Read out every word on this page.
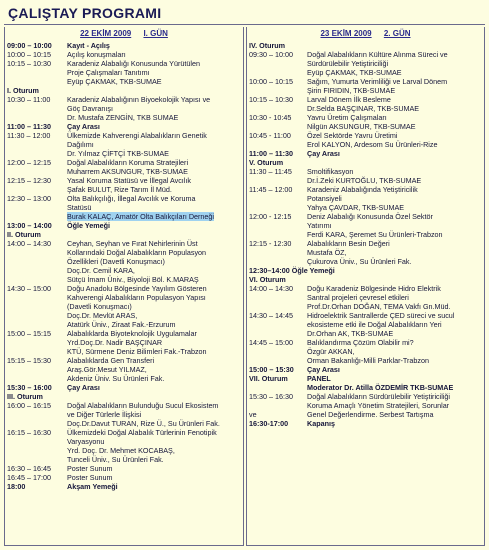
ÇALIŞTAY PROGRAMI
22 EKİM 2009 I. GÜN
09:00 – 10:00 Kayıt - Açılış
10:00 – 10:15 Açılış konuşmaları
10:15 – 10:30 Karadeniz Alabalığı Konusunda Yürütülen
Proje Çalışmaları Tanıtımı
Eyüp ÇAKMAK, TKB-SUMAE
I. Oturum
10:30 – 11:00 Karadeniz Alabalığının Biyoekolojik Yapısı ve
Göç Davranışı
Dr. Mustafa ZENGİN, TKB SUMAE
11:00 – 11:30 Çay Arası
11:30 – 12:00 Ülkemizde Kahverengi Alabalıkların Genetik
Dağılımı
Dr. Yılmaz ÇİFTÇİ TKB-SUMAE
12:00 – 12:15 Doğal Alabalıkların Koruma Stratejileri
Muharrem AKSUNGUR, TKB-SUMAE
12:15 – 12:30 Yasal Koruma Statüsü ve İllegal Avcılık
Şafak BULUT, Rize Tarım İl Müd.
12:30 – 13:00 Olta Balıkçılığı, İllegal Avcılık ve Koruma
Statüsü
Burak KALAÇ, Amatör Olta Balıkçıları Derneği
13:00 – 14:00 Öğle Yemeği
II. Oturum
14:00 – 14:30 Ceyhan, Seyhan ve Fırat Nehirlerinin Üst
Kollarındaki Doğal Alabalıkların Populasyon
Özellikleri (Davetli Konuşmacı)
Doç.Dr. Cemil KARA,
Sütçü İmam Üniv., Biyoloji Böl. K.MARAŞ
14:30 – 15:00 Doğu Anadolu Bölgesinde Yayılım Gösteren
Kahverengi Alabalıkların Populasyon Yapısı
(Davetli Konuşmacı)
Doç.Dr. Mevlüt ARAS,
Atatürk Üniv., Ziraat Fak.-Erzurum
15:00 – 15:15 Alabalıklarda Biyoteknolojik Uygulamalar
Yrd.Doç.Dr. Nadir BAŞÇINAR
KTÜ, Sürmene Deniz Bilimleri Fak.-Trabzon
15:15 – 15:30 Alabalıklarda Gen Transferi
Araş.Gör.Mesut YILMAZ,
Akdeniz Üniv. Su Ürünleri Fak.
15:30 – 16:00 Çay Arası
III. Oturum
16:00 – 16:15 Doğal Alabalıkların Bulunduğu Sucul Ekosistem
ve Diğer Türlerle İlişkisi
Doç.Dr.Davut TURAN, Rize Ü., Su Ürünleri Fak.
16:15 – 16:30 Ülkemizdeki Doğal Alabalık Türlerinin Fenotipik
Varyasyonu
Yrd. Doç. Dr. Mehmet KOCABAŞ,
Tunceli Üniv., Su Ürünleri Fak.
16:30 – 16:45 Poster Sunum
16:45 – 17:00 Poster Sunum
18:00	Akşam Yemeği
23 EKİM 2009 2. GÜN
IV. Oturum
09:30 – 10:00 Doğal Alabalıkların Kültüre Alınma Süreci ve
Sürdürülebilir Yetiştiriciliği
Eyüp ÇAKMAK, TKB-SUMAE
10:00 – 10:15 Sağım, Yumurta Verimliliği ve Larval Dönem
Şirin FIRIDIN, TKB-SUMAE
10:15 – 10:30 Larval Dönem İlk Besleme
Dr.Selda BAŞÇINAR, TKB-SUMAE
10:30 - 10:45 Yavru Üretim Çalışmaları
Nilgün AKSUNGUR, TKB-SUMAE
10:45 - 11:00 Özel Sektörde Yavru Üretimi
Erol KALYON, Ardesom Su Ürünleri-Rize
11:00 – 11:30 Çay Arası
V. Oturum
11:30 – 11:45 Smoltifikasyon
Dr.İ.Zeki KURTOĞLU, TKB-SUMAE
11:45 – 12:00 Karadeniz Alabalığında Yetiştiricilik
Potansiyeli
Yahya ÇAVDAR, TKB-SUMAE
12:00 - 12:15 Deniz Alabalığı Konusunda Özel Sektör
Yatırımı
Ferdi KARA, Şeremet Su Ürünleri-Trabzon
12:15 - 12:30 Alabalıkların Besin Değeri
Mustafa ÖZ,
Çukurova Üniv., Su Ürünleri Fak.
12:30–14:00 Öğle Yemeği
VI. Oturum
14:00 – 14:30 Doğu Karadeniz Bölgesinde Hidro Elektrik
Santral projeleri çevresel etkileri
Prof.Dr.Orhan DOĞAN, TEMA Vakfı Gn.Müd.
14:30 – 14:45 Hidroelektrik Santrallerde ÇED süreci ve sucul
ekosisteme etki ile Doğal Alabalıkların Yeri
Dr.Orhan AK, TKB-SUMAE
14:45 – 15:00 Balıklandırma Çözüm Olabilir mi?
Özgür AKKAN,
Orman Bakanlığı-Milli Parklar-Trabzon
15:00 – 15:30 Çay Arası
VII. Oturum	PANEL
Moderator Dr. Atilla ÖZDEMİR TKB-SUMAE
15:30 – 16:30 Doğal Alabalıkların Sürdürülebilir Yetiştiriciliği
Koruma Amaçlı Yönetim Stratejileri, Sorunlar
ve	Genel Değerlendirme. Serbest Tartışma
16:30-17:00	Kapanış
